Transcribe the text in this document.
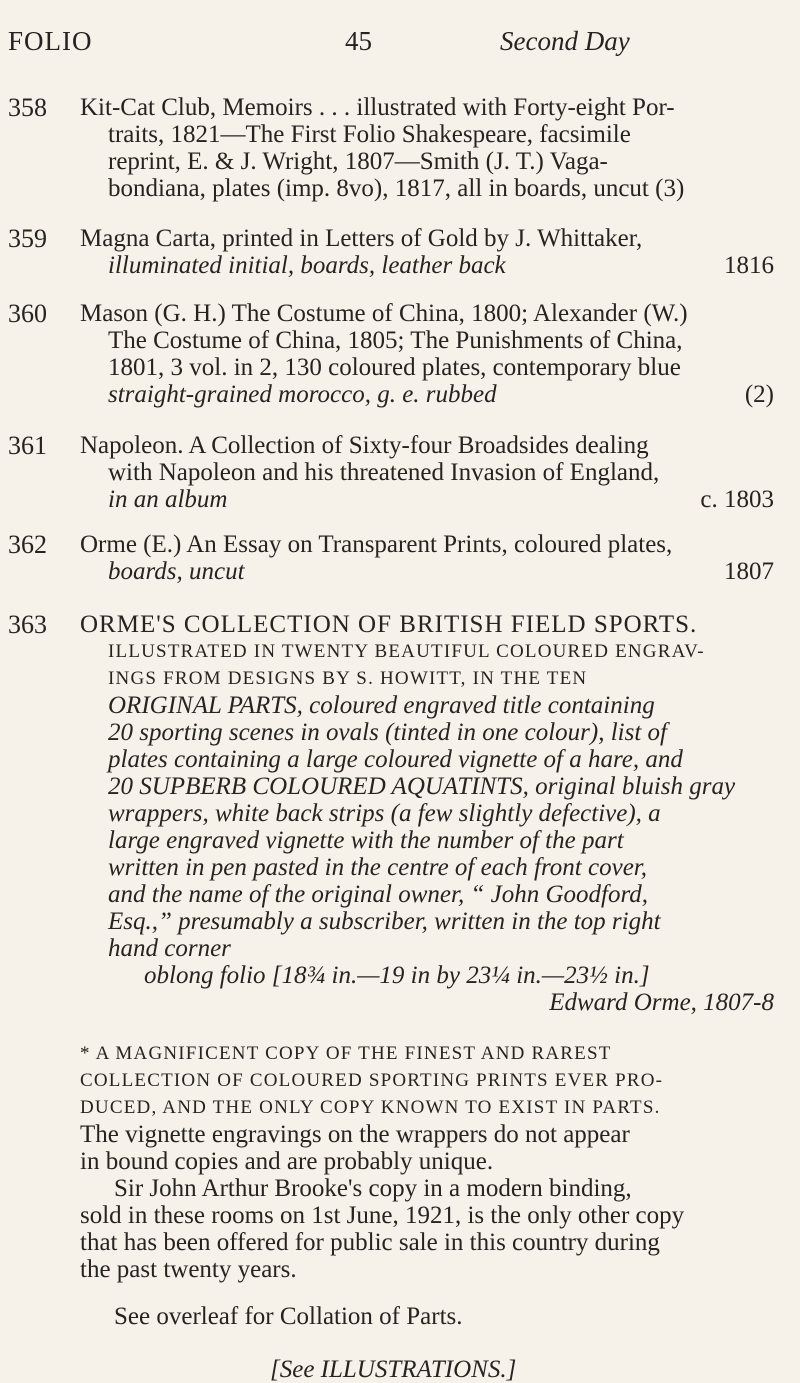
FOLIO	45	Second Day
358 Kit-Cat Club, Memoirs . . . illustrated with Forty-eight Por-
traits, 1821—The First Folio Shakespeare, facsimile
reprint, E. & J. Wright, 1807—Smith (J. T.) Vaga-
bondiana, plates (imp. 8vo), 1817, all in boards, uncut (3)
359 Magna Carta, printed in Letters of Gold by J. Whittaker,
illuminated initial, boards, leather back	1816
360 Mason (G. H.) The Costume of China, 1800; Alexander (W.)
The Costume of China, 1805; The Punishments of China,
1801, 3 vol. in 2, 130 coloured plates, contemporary blue
straight-grained morocco, g. e. rubbed	(2)
361 Napoleon. A Collection of Sixty-four Broadsides dealing
with Napoleon and his threatened Invasion of England,
in an album	c. 1803
362 Orme (E.) An Essay on Transparent Prints, coloured plates,
boards, uncut	1807
363 ORME'S COLLECTION OF BRITISH FIELD SPORTS.
ILLUSTRATED IN TWENTY BEAUTIFUL COLOURED ENGRAV-
INGS FROM DESIGNS BY S. HOWITT, IN THE TEN
ORIGINAL PARTS, coloured engraved title containing
20 sporting scenes in ovals (tinted in one colour), list of
plates containing a large coloured vignette of a hare, and
20 SUPBERB COLOURED AQUATINTS, original bluish gray
wrappers, white back strips (a few slightly defective), a
large engraved vignette with the number of the part
written in pen pasted in the centre of each front cover,
and the name of the original owner, “ John Goodford,
Esq.,” presumably a subscriber, written in the top right
hand corner
oblong folio [18¾ in.—19 in by 23¼ in.—23½ in.]
Edward Orme, 1807-8
* A MAGNIFICENT COPY OF THE FINEST AND RAREST
COLLECTION OF COLOURED SPORTING PRINTS EVER PRO-
DUCED, AND THE ONLY COPY KNOWN TO EXIST IN PARTS.
The vignette engravings on the wrappers do not appear
in bound copies and are probably unique.
Sir John Arthur Brooke's copy in a modern binding,
sold in these rooms on 1st June, 1921, is the only other copy
that has been offered for public sale in this country during
the past twenty years.
See overleaf for Collation of Parts.
[See ILLUSTRATIONS.]
